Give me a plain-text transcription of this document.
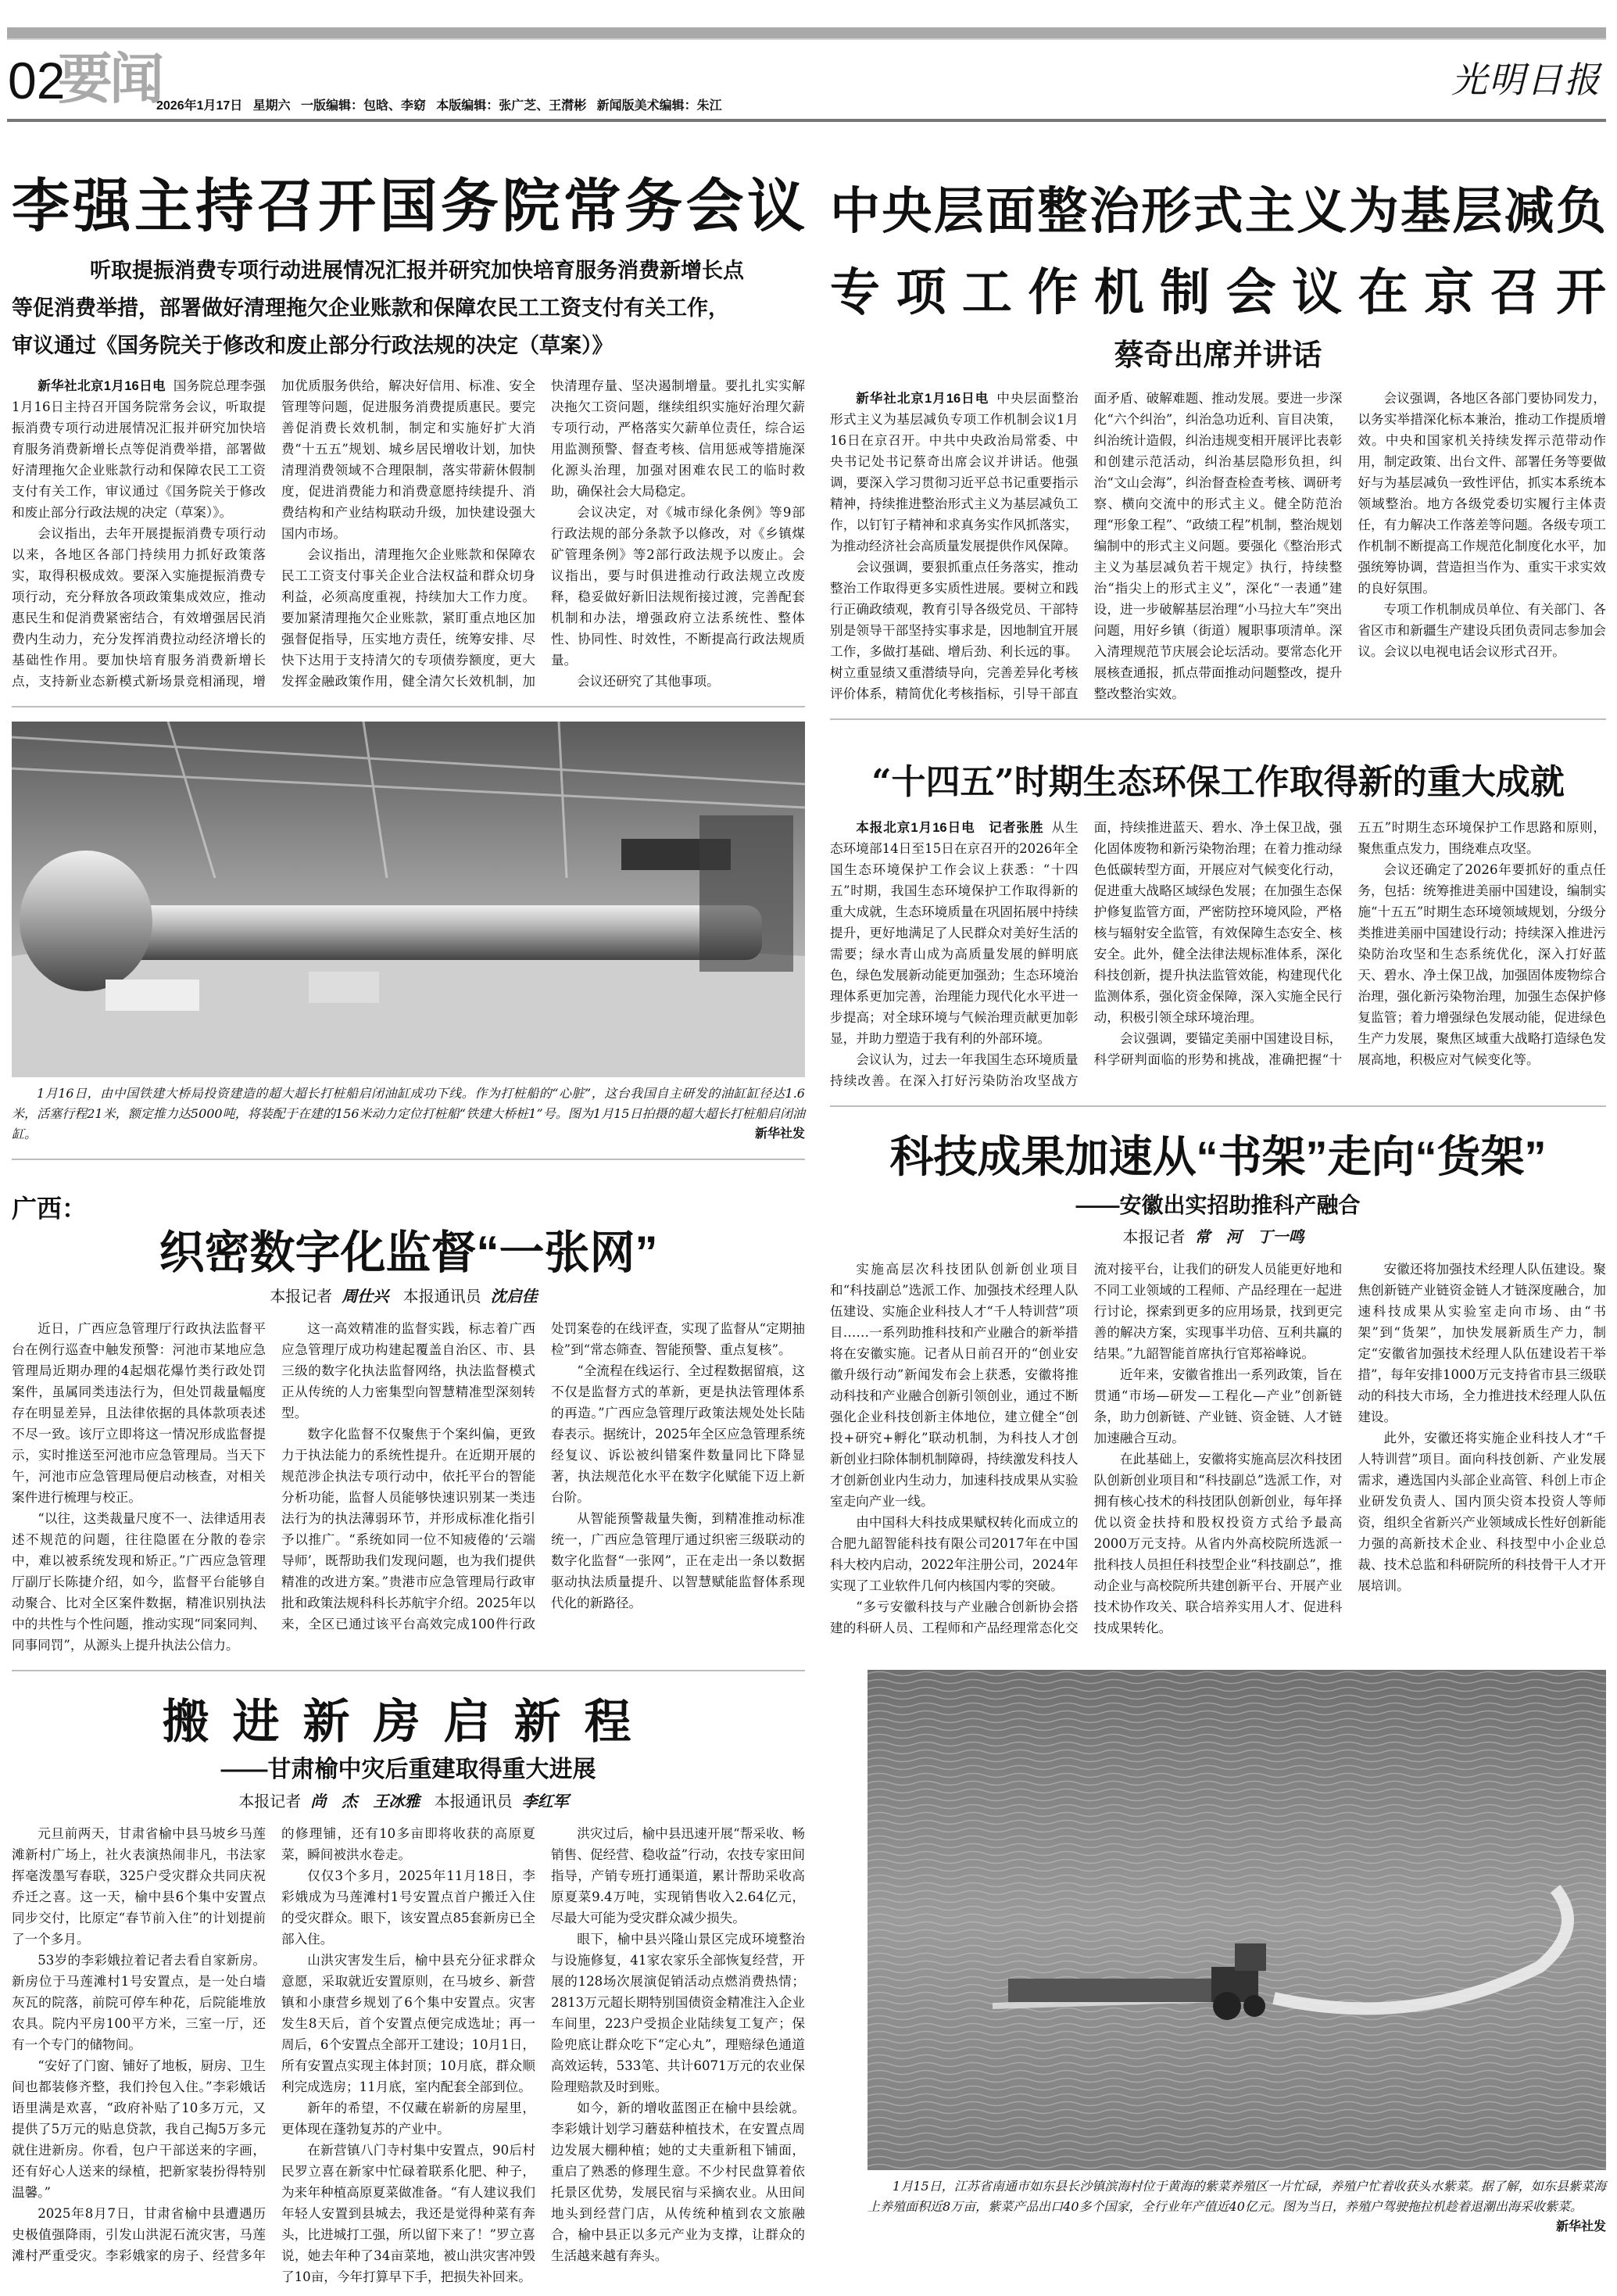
02
要闻
2026年1月17日   星期六   一版编辑：包晗、李窈   本版编辑：张广芝、王潸彬   新闻版美术编辑：朱江
光明日报
李强主持召开国务院常务会议
听取提振消费专项行动进展情况汇报并研究加快培育服务消费新增长点
等促消费举措，部署做好清理拖欠企业账款和保障农民工工资支付有关工作，
审议通过《国务院关于修改和废止部分行政法规的决定（草案）》

新华社北京1月16日电 国务院总理李强1月16日主持召开国务院常务会议，听取提振消费专项行动进展情况汇报并研究加快培育服务消费新增长点等促消费举措，部署做好清理拖欠企业账款行动和保障农民工工资支付有关工作，审议通过《国务院关于修改和废止部分行政法规的决定（草案）》。

会议指出，去年开展提振消费专项行动以来，各地区各部门持续用力抓好政策落实，取得积极成效。要深入实施提振消费专项行动，充分释放各项政策集成效应，推动惠民生和促消费紧密结合，有效增强居民消费内生动力，充分发挥消费拉动经济增长的基础性作用。要加快培育服务消费新增长点，支持新业态新模式新场景竞相涌现，增加优质服务供给，解决好信用、标准、安全管理等问题，促进服务消费提质惠民。要完善促消费长效机制，制定和实施好扩大消费“十五五”规划、城乡居民增收计划，加快清理消费领域不合理限制，落实带薪休假制度，促进消费能力和消费意愿持续提升、消费结构和产业结构联动升级，加快建设强大国内市场。

会议指出，清理拖欠企业账款和保障农民工工资支付事关企业合法权益和群众切身利益，必须高度重视，持续加大工作力度。要加紧清理拖欠企业账款，紧盯重点地区加强督促指导，压实地方责任，统筹安排、尽快下达用于支持清欠的专项债券额度，更大发挥金融政策作用，健全清欠长效机制，加快清理存量、坚决遏制增量。要扎扎实实解决拖欠工资问题，继续组织实施好治理欠薪专项行动，严格落实欠薪单位责任，综合运用监测预警、督查考核、信用惩戒等措施深化源头治理，加强对困难农民工的临时救助，确保社会大局稳定。

会议决定，对《城市绿化条例》等9部行政法规的部分条款予以修改，对《乡镇煤矿管理条例》等2部行政法规予以废止。会议指出，要与时俱进推动行政法规立改废释，稳妥做好新旧法规衔接过渡，完善配套机制和办法，增强政府立法系统性、整体性、协同性、时效性，不断提高行政法规质量。

会议还研究了其他事项。

1月16日，由中国铁建大桥局投资建造的超大超长打桩船启闭油缸成功下线。作为打桩船的“心脏”，这台我国自主研发的油缸缸径达1.6米，活塞行程21米，额定推力达5000吨，将装配于在建的156米动力定位打桩船“铁建大桥桩1”号。图为1月15日拍摄的超大超长打桩船启闭油缸。	新华社发
广西：
织密数字化监督“一张网”
本报记者 周仕兴 本报通讯员 沈启佳

近日，广西应急管理厅行政执法监督平台在例行巡查中触发预警：河池市某地应急管理局近期办理的4起烟花爆竹类行政处罚案件，虽属同类违法行为，但处罚裁量幅度存在明显差异，且法律依据的具体款项表述不尽一致。该厅立即将这一情况形成监督提示，实时推送至河池市应急管理局。当天下午，河池市应急管理局便启动核查，对相关案件进行梳理与校正。

“以往，这类裁量尺度不一、法律适用表述不规范的问题，往往隐匿在分散的卷宗中，难以被系统发现和矫正。”广西应急管理厅副厅长陈捷介绍，如今，监督平台能够自动聚合、比对全区案件数据，精准识别执法中的共性与个性问题，推动实现“同案同判、同事同罚”，从源头上提升执法公信力。

这一高效精准的监督实践，标志着广西应急管理厅成功构建起覆盖自治区、市、县三级的数字化执法监督网络，执法监督模式正从传统的人力密集型向智慧精准型深刻转型。

数字化监督不仅聚焦于个案纠偏，更致力于执法能力的系统性提升。在近期开展的规范涉企执法专项行动中，依托平台的智能分析功能，监督人员能够快速识别某一类违法行为的执法薄弱环节，并形成标准化指引予以推广。“系统如同一位不知疲倦的‘云端导师’，既帮助我们发现问题，也为我们提供精准的改进方案。”贵港市应急管理局行政审批和政策法规科科长苏航宇介绍。2025年以来，全区已通过该平台高效完成100件行政处罚案卷的在线评查，实现了监督从“定期抽检”到“常态筛查、智能预警、重点复核”。

“全流程在线运行、全过程数据留痕，这不仅是监督方式的革新，更是执法管理体系的再造。”广西应急管理厅政策法规处处长陆春表示。据统计，2025年全区应急管理系统经复议、诉讼被纠错案件数量同比下降显著，执法规范化水平在数字化赋能下迈上新台阶。

从智能预警裁量失衡，到精准推动标准统一，广西应急管理厅通过织密三级联动的数字化监督“一张网”，正在走出一条以数据驱动执法质量提升、以智慧赋能监督体系现代化的新路径。

搬进新房启新程
——甘肃榆中灾后重建取得重大进展
本报记者 尚　杰　王冰雅 本报通讯员 李红军

元旦前两天，甘肃省榆中县马坡乡马莲滩新村广场上，社火表演热闹非凡，书法家挥毫泼墨写春联，325户受灾群众共同庆祝乔迁之喜。这一天，榆中县6个集中安置点同步交付，比原定“春节前入住”的计划提前了一个多月。

53岁的李彩娥拉着记者去看自家新房。新房位于马莲滩村1号安置点，是一处白墙灰瓦的院落，前院可停车种花，后院能堆放农具。院内平房100平方米，三室一厅，还有一个专门的储物间。

“安好了门窗、铺好了地板，厨房、卫生间也都装修齐整，我们拎包入住。”李彩娥话语里满是欢喜，“政府补贴了10多万元，又提供了5万元的贴息贷款，我自己掏5万多元就住进新房。你看，包户干部送来的字画，还有好心人送来的绿植，把新家装扮得特别温馨。”

2025年8月7日，甘肃省榆中县遭遇历史极值强降雨，引发山洪泥石流灾害，马莲滩村严重受灾。李彩娥家的房子、经营多年的修理铺，还有10多亩即将收获的高原夏菜，瞬间被洪水卷走。

仅仅3个多月，2025年11月18日，李彩娥成为马莲滩村1号安置点首户搬迁入住的受灾群众。眼下，该安置点85套新房已全部入住。

山洪灾害发生后，榆中县充分征求群众意愿，采取就近安置原则，在马坡乡、新营镇和小康营乡规划了6个集中安置点。灾害发生8天后，首个安置点便完成选址；再一周后，6个安置点全部开工建设；10月1日，所有安置点实现主体封顶；10月底，群众顺利完成选房；11月底，室内配套全部到位。

新年的希望，不仅藏在崭新的房屋里，更体现在蓬勃复苏的产业中。

在新营镇八门寺村集中安置点，90后村民罗立喜在新家中忙碌着联系化肥、种子，为来年种植高原夏菜做准备。“有人建议我们年轻人安置到县城去，我还是觉得种菜有奔头，比进城打工强，所以留下来了！”罗立喜说，她去年种了34亩菜地，被山洪灾害冲毁了10亩，今年打算早下手，把损失补回来。

洪灾过后，榆中县迅速开展“帮采收、畅销售、促经营、稳收益”行动，农技专家田间指导，产销专班打通渠道，累计帮助采收高原夏菜9.4万吨，实现销售收入2.64亿元，尽最大可能为受灾群众减少损失。

眼下，榆中县兴隆山景区完成环境整治与设施修复，41家农家乐全部恢复经营，开展的128场次展演促销活动点燃消费热情；2813万元超长期特别国债资金精准注入企业车间里，223户受损企业陆续复工复产；保险兜底让群众吃下“定心丸”，理赔绿色通道高效运转，533笔、共计6071万元的农业保险理赔款及时到账。

如今，新的增收蓝图正在榆中县绘就。李彩娥计划学习蘑菇种植技术，在安置点周边发展大棚种植；她的丈夫重新租下铺面，重启了熟悉的修理生意。不少村民盘算着依托景区优势，发展民宿与采摘农业。从田间地头到经营门店，从传统种植到农文旅融合，榆中县正以多元产业为支撑，让群众的生活越来越有奔头。

中央层面整治形式主义为基层减负
专项工作机制会议在京召开
蔡奇出席并讲话

新华社北京1月16日电 中央层面整治形式主义为基层减负专项工作机制会议1月16日在京召开。中共中央政治局常委、中央书记处书记蔡奇出席会议并讲话。他强调，要深入学习贯彻习近平总书记重要指示精神，持续推进整治形式主义为基层减负工作，以钉钉子精神和求真务实作风抓落实，为推动经济社会高质量发展提供作风保障。

会议强调，要狠抓重点任务落实，推动整治工作取得更多实质性进展。要树立和践行正确政绩观，教育引导各级党员、干部特别是领导干部坚持实事求是，因地制宜开展工作，多做打基础、增后劲、利长远的事。树立重显绩又重潜绩导向，完善差异化考核评价体系，精简优化考核指标，引导干部直面矛盾、破解难题、推动发展。要进一步深化“六个纠治”，纠治急功近利、盲目决策，纠治统计造假，纠治违规变相开展评比表彰和创建示范活动，纠治基层隐形负担，纠治“文山会海”，纠治督查检查考核、调研考察、横向交流中的形式主义。健全防范治理“形象工程”、“政绩工程”机制，整治规划编制中的形式主义问题。要强化《整治形式主义为基层减负若干规定》执行，持续整治“指尖上的形式主义”，深化“一表通”建设，进一步破解基层治理“小马拉大车”突出问题，用好乡镇（街道）履职事项清单。深入清理规范节庆展会论坛活动。要常态化开展核查通报，抓点带面推动问题整改，提升整改整治实效。

会议强调，各地区各部门要协同发力，以务实举措深化标本兼治，推动工作提质增效。中央和国家机关持续发挥示范带动作用，制定政策、出台文件、部署任务等要做好与为基层减负一致性评估，抓实本系统本领域整治。地方各级党委切实履行主体责任，有力解决工作落差等问题。各级专项工作机制不断提高工作规范化制度化水平，加强统筹协调，营造担当作为、重实干求实效的良好氛围。

专项工作机制成员单位、有关部门、各省区市和新疆生产建设兵团负责同志参加会议。会议以电视电话会议形式召开。

“十四五”时期生态环保工作取得新的重大成就

本报北京1月16日电　记者张胜 从生态环境部14日至15日在京召开的2026年全国生态环境保护工作会议上获悉：“十四五”时期，我国生态环境保护工作取得新的重大成就，生态环境质量在巩固拓展中持续提升，更好地满足了人民群众对美好生活的需要；绿水青山成为高质量发展的鲜明底色，绿色发展新动能更加强劲；生态环境治理体系更加完善，治理能力现代化水平进一步提高；对全球环境与气候治理贡献更加彰显，并助力塑造于我有利的外部环境。

会议认为，过去一年我国生态环境质量持续改善。在深入打好污染防治攻坚战方面，持续推进蓝天、碧水、净土保卫战，强化固体废物和新污染物治理；在着力推动绿色低碳转型方面，开展应对气候变化行动，促进重大战略区域绿色发展；在加强生态保护修复监管方面，严密防控环境风险，严格核与辐射安全监管，有效保障生态安全、核安全。此外，健全法律法规标准体系，深化科技创新，提升执法监管效能，构建现代化监测体系，强化资金保障，深入实施全民行动，积极引领全球环境治理。

会议强调，要锚定美丽中国建设目标，科学研判面临的形势和挑战，准确把握“十五五”时期生态环境保护工作思路和原则，聚焦重点发力，围绕难点攻坚。

会议还确定了2026年要抓好的重点任务，包括：统筹推进美丽中国建设，编制实施“十五五”时期生态环境领域规划，分级分类推进美丽中国建设行动；持续深入推进污染防治攻坚和生态系统优化，深入打好蓝天、碧水、净土保卫战，加强固体废物综合治理，强化新污染物治理，加强生态保护修复监管；着力增强绿色发展动能，促进绿色生产力发展，聚焦区域重大战略打造绿色发展高地，积极应对气候变化等。

科技成果加速从“书架”走向“货架”
——安徽出实招助推科产融合
本报记者 常　河　丁一鸣

实施高层次科技团队创新创业项目和“科技副总”选派工作、加强技术经理人队伍建设、实施企业科技人才“千人特训营”项目……一系列助推科技和产业融合的新举措将在安徽实施。记者从日前召开的“创业安徽升级行动”新闻发布会上获悉，安徽将推动科技和产业融合创新引领创业，通过不断强化企业科技创新主体地位，建立健全“创投+研究+孵化”联动机制，为科技人才创新创业扫除体制机制障碍，持续激发科技人才创新创业内生动力，加速科技成果从实验室走向产业一线。

由中国科大科技成果赋权转化而成立的合肥九韶智能科技有限公司2017年在中国科大校内启动，2022年注册公司，2024年实现了工业软件几何内核国内零的突破。

“多亏安徽科技与产业融合创新协会搭建的科研人员、工程师和产品经理常态化交流对接平台，让我们的研发人员能更好地和不同工业领域的工程师、产品经理在一起进行讨论，探索到更多的应用场景，找到更完善的解决方案，实现事半功倍、互利共赢的结果。”九韶智能首席执行官郑裕峰说。

近年来，安徽省推出一系列政策，旨在贯通“市场—研发—工程化—产业”创新链条，助力创新链、产业链、资金链、人才链加速融合互动。

在此基础上，安徽将实施高层次科技团队创新创业项目和“科技副总”选派工作，对拥有核心技术的科技团队创新创业，每年择优以资金扶持和股权投资方式给予最高2000万元支持。从省内外高校院所选派一批科技人员担任科技型企业“科技副总”，推动企业与高校院所共建创新平台、开展产业技术协作攻关、联合培养实用人才、促进科技成果转化。

安徽还将加强技术经理人队伍建设。聚焦创新链产业链资金链人才链深度融合，加速科技成果从实验室走向市场、由“书架”到“货架”，加快发展新质生产力，制定“安徽省加强技术经理人队伍建设若干举措”，每年安排1000万元支持省市县三级联动的科技大市场，全力推进技术经理人队伍建设。

此外，安徽还将实施企业科技人才“千人特训营”项目。面向科技创新、产业发展需求，遴选国内头部企业高管、科创上市企业研发负责人、国内顶尖资本投资人等师资，组织全省新兴产业领域成长性好创新能力强的高新技术企业、科技型中小企业总裁、技术总监和科研院所的科技骨干人才开展培训。

1月15日，江苏省南通市如东县长沙镇滨海村位于黄海的紫菜养殖区一片忙碌，养殖户忙着收获头水紫菜。据了解，如东县紫菜海上养殖面积近8万亩，紫菜产品出口40多个国家，全行业年产值近40亿元。图为当日，养殖户驾驶拖拉机趁着退潮出海采收紫菜。
新华社发
